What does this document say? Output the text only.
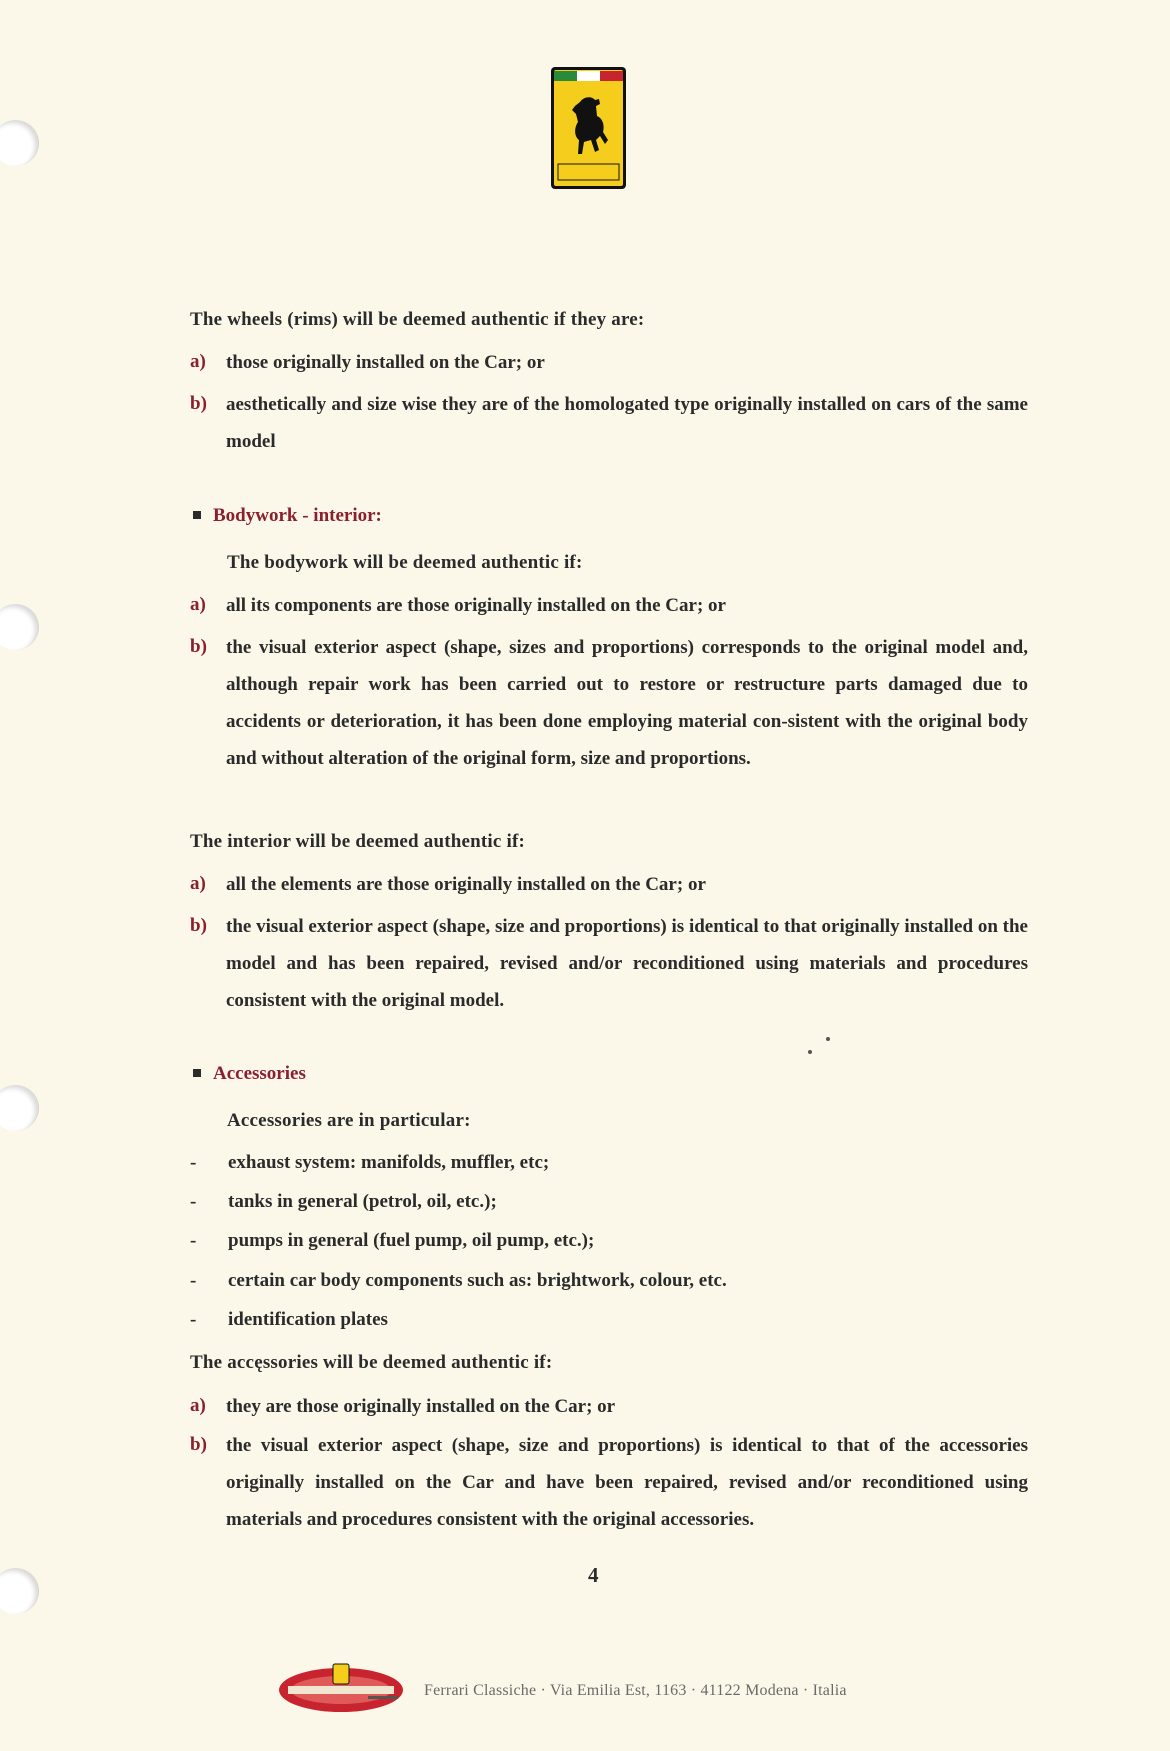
The wheels (rims) will be deemed authentic if they are:
a) those originally installed on the Car; or
b) aesthetically and size wise they are of the homologated type originally installed on cars of the same model
Bodywork - interior:
The bodywork will be deemed authentic if:
a) all its components are those originally installed on the Car; or
b) the visual exterior aspect (shape, sizes and proportions) corresponds to the original model and, although repair work has been carried out to restore or restructure parts damaged due to accidents or deterioration, it has been done employing material con-sistent with the original body and without alteration of the original form, size and proportions.
The interior will be deemed authentic if:
a) all the elements are those originally installed on the Car; or
b) the visual exterior aspect (shape, size and proportions) is identical to that originally installed on the model and has been repaired, revised and/or reconditioned using materials and procedures consistent with the original model.
Accessories
Accessories are in particular:
- exhaust system: manifolds, muffler, etc;
- tanks in general (petrol, oil, etc.);
- pumps in general (fuel pump, oil pump, etc.);
- certain car body components such as: brightwork, colour, etc.
- identification plates
The accęssories will be deemed authentic if:
a) they are those originally installed on the Car; or
b) the visual exterior aspect (shape, size and proportions) is identical to that of the accessories originally installed on the Car and have been repaired, revised and/or reconditioned using materials and procedures consistent with the original accessories.
4
Ferrari Classiche · Via Emilia Est, 1163 · 41122 Modena · Italia
